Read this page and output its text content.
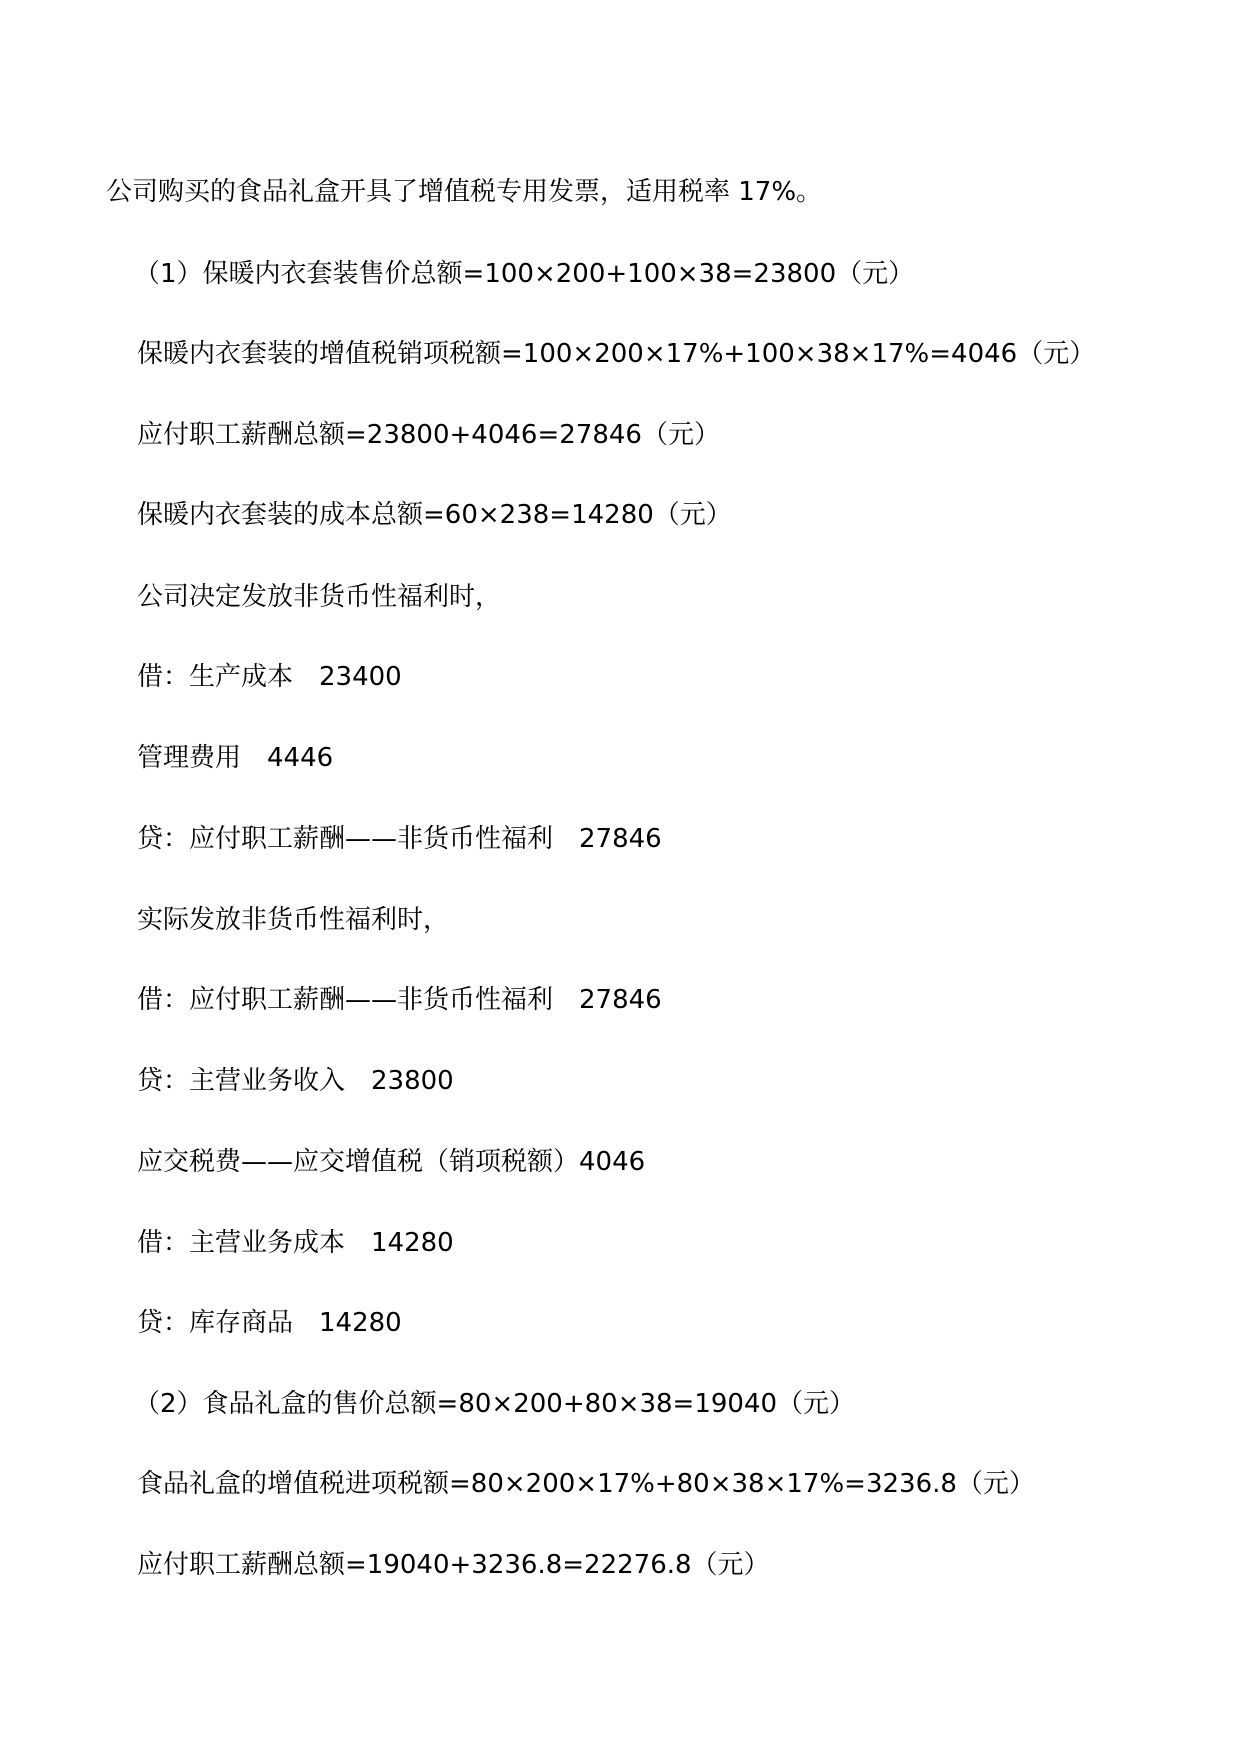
公司购买的食品礼盒开具了增值税专用发票，适用税率 17%。
（1）保暖内衣套装售价总额=100×200+100×38=23800（元）
保暖内衣套装的增值税销项税额=100×200×17%+100×38×17%=4046（元）
应付职工薪酬总额=23800+4046=27846（元）
保暖内衣套装的成本总额=60×238=14280（元）
公司决定发放非货币性福利时，
借：生产成本　23400
管理费用　4446
贷：应付职工薪酬——非货币性福利　27846
实际发放非货币性福利时，
借：应付职工薪酬——非货币性福利　27846
贷：主营业务收入　23800
应交税费——应交增值税（销项税额）4046
借：主营业务成本　14280
贷：库存商品　14280
（2）食品礼盒的售价总额=80×200+80×38=19040（元）
食品礼盒的增值税进项税额=80×200×17%+80×38×17%=3236.8（元）
应付职工薪酬总额=19040+3236.8=22276.8（元）
